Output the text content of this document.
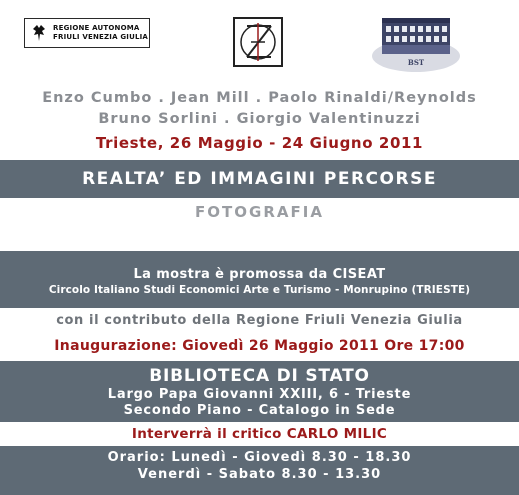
REGIONE AUTONOMA
FRIULI VENEZIA GIULIA
BST
Enzo Cumbo . Jean Mill . Paolo Rinaldi/Reynolds
Bruno Sorlini . Giorgio Valentinuzzi
Trieste, 26 Maggio - 24 Giugno 2011
REALTA’ ED IMMAGINI PERCORSE
FOTOGRAFIA
La mostra è promossa da CISEAT
Circolo Italiano Studi Economici Arte e Turismo - Monrupino (TRIESTE)
con il contributo della Regione Friuli Venezia Giulia
Inaugurazione: Giovedì 26 Maggio 2011 Ore 17:00
BIBLIOTECA DI STATO
Largo Papa Giovanni XXIII, 6 - Trieste
Secondo Piano - Catalogo in Sede
Interverrà il critico CARLO MILIC
Orario: Lunedì - Giovedì 8.30 - 18.30
Venerdì - Sabato 8.30 - 13.30
